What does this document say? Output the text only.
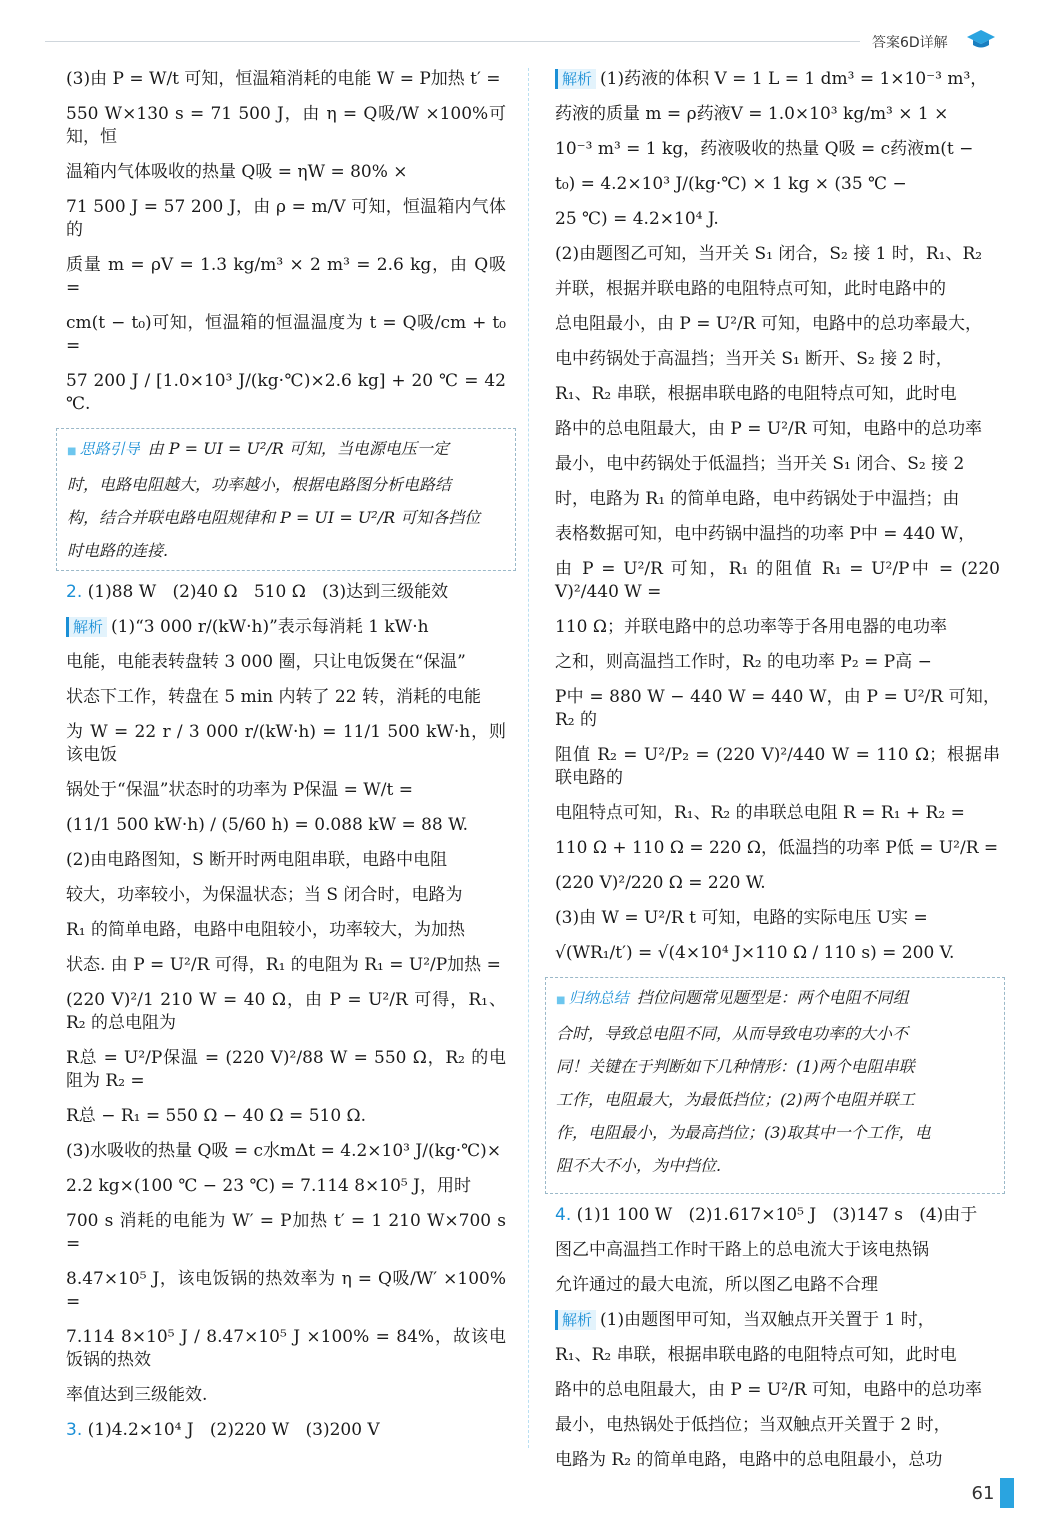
答案6D详解
(3)由 P = W/t 可知，恒温箱消耗的电能 W = P加热 t′ =
550 W×130 s = 71 500 J，由 η = Q吸/W ×100%可知，恒
温箱内气体吸收的热量 Q吸 = ηW = 80% ×
71 500 J = 57 200 J，由 ρ = m/V 可知，恒温箱内气体的
质量 m = ρV = 1.3 kg/m³ × 2 m³ = 2.6 kg，由 Q吸 =
cm(t − t₀)可知，恒温箱的恒温温度为 t = Q吸/cm + t₀ =
57 200 J / [1.0×10³ J/(kg·℃)×2.6 kg] + 20 ℃ = 42 ℃.
■ 思路引导 由 P = UI = U²/R 可知，当电源电压一定
时，电路电阻越大，功率越小，根据电路图分析电路结
构，结合并联电路电阻规律和 P = UI = U²/R 可知各挡位
时电路的连接.
2. (1)88 W   (2)40 Ω   510 Ω   (3)达到三级能效
解析 (1)“3 000 r/(kW·h)”表示每消耗 1 kW·h
电能，电能表转盘转 3 000 圈，只让电饭煲在“保温”
状态下工作，转盘在 5 min 内转了 22 转，消耗的电能
为 W = 22 r / 3 000 r/(kW·h) = 11/1 500 kW·h，则该电饭
锅处于“保温”状态时的功率为 P保温 = W/t =
(11/1 500 kW·h) / (5/60 h) = 0.088 kW = 88 W.
(2)由电路图知，S 断开时两电阻串联，电路中电阻
较大，功率较小，为保温状态；当 S 闭合时，电路为
R₁ 的简单电路，电路中电阻较小，功率较大，为加热
状态. 由 P = U²/R 可得，R₁ 的电阻为 R₁ = U²/P加热 =
(220 V)²/1 210 W = 40 Ω，由 P = U²/R 可得，R₁、R₂ 的总电阻为
R总 = U²/P保温 = (220 V)²/88 W = 550 Ω，R₂ 的电阻为 R₂ =
R总 − R₁ = 550 Ω − 40 Ω = 510 Ω.
(3)水吸收的热量 Q吸 = c水mΔt = 4.2×10³ J/(kg·℃)×
2.2 kg×(100 ℃ − 23 ℃) = 7.114 8×10⁵ J，用时
700 s 消耗的电能为 W′ = P加热 t′ = 1 210 W×700 s =
8.47×10⁵ J，该电饭锅的热效率为 η = Q吸/W′ ×100% =
7.114 8×10⁵ J / 8.47×10⁵ J ×100% = 84%，故该电饭锅的热效
率值达到三级能效.
3. (1)4.2×10⁴ J   (2)220 W   (3)200 V
解析 (1)药液的体积 V = 1 L = 1 dm³ = 1×10⁻³ m³，
药液的质量 m = ρ药液V = 1.0×10³ kg/m³ × 1 ×
10⁻³ m³ = 1 kg，药液吸收的热量 Q吸 = c药液m(t −
t₀) = 4.2×10³ J/(kg·℃) × 1 kg × (35 ℃ −
25 ℃) = 4.2×10⁴ J.
(2)由题图乙可知，当开关 S₁ 闭合，S₂ 接 1 时，R₁、R₂
并联，根据并联电路的电阻特点可知，此时电路中的
总电阻最小，由 P = U²/R 可知，电路中的总功率最大，
电中药锅处于高温挡；当开关 S₁ 断开、S₂ 接 2 时，
R₁、R₂ 串联，根据串联电路的电阻特点可知，此时电
路中的总电阻最大，由 P = U²/R 可知，电路中的总功率
最小，电中药锅处于低温挡；当开关 S₁ 闭合、S₂ 接 2
时，电路为 R₁ 的简单电路，电中药锅处于中温挡；由
表格数据可知，电中药锅中温挡的功率 P中 = 440 W，
由 P = U²/R 可知，R₁ 的阻值 R₁ = U²/P中 = (220 V)²/440 W =
110 Ω；并联电路中的总功率等于各用电器的电功率
之和，则高温挡工作时，R₂ 的电功率 P₂ = P高 −
P中 = 880 W − 440 W = 440 W，由 P = U²/R 可知，R₂ 的
阻值 R₂ = U²/P₂ = (220 V)²/440 W = 110 Ω；根据串联电路的
电阻特点可知，R₁、R₂ 的串联总电阻 R = R₁ + R₂ =
110 Ω + 110 Ω = 220 Ω，低温挡的功率 P低 = U²/R =
(220 V)²/220 Ω = 220 W.
(3)由 W = U²/R t 可知，电路的实际电压 U实 =
√(WR₁/t′) = √(4×10⁴ J×110 Ω / 110 s) = 200 V.
■ 归纳总结 挡位问题常见题型是：两个电阻不同组
合时，导致总电阻不同，从而导致电功率的大小不
同！关键在于判断如下几种情形：(1)两个电阻串联
工作，电阻最大，为最低挡位；(2)两个电阻并联工
作，电阻最小，为最高挡位；(3)取其中一个工作，电
阻不大不小，为中挡位.
4. (1)1 100 W   (2)1.617×10⁵ J   (3)147 s   (4)由于
图乙中高温挡工作时干路上的总电流大于该电热锅
允许通过的最大电流，所以图乙电路不合理
解析 (1)由题图甲可知，当双触点开关置于 1 时，
R₁、R₂ 串联，根据串联电路的电阻特点可知，此时电
路中的总电阻最大，由 P = U²/R 可知，电路中的总功率
最小，电热锅处于低挡位；当双触点开关置于 2 时，
电路为 R₂ 的简单电路，电路中的总电阻最小，总功
61
